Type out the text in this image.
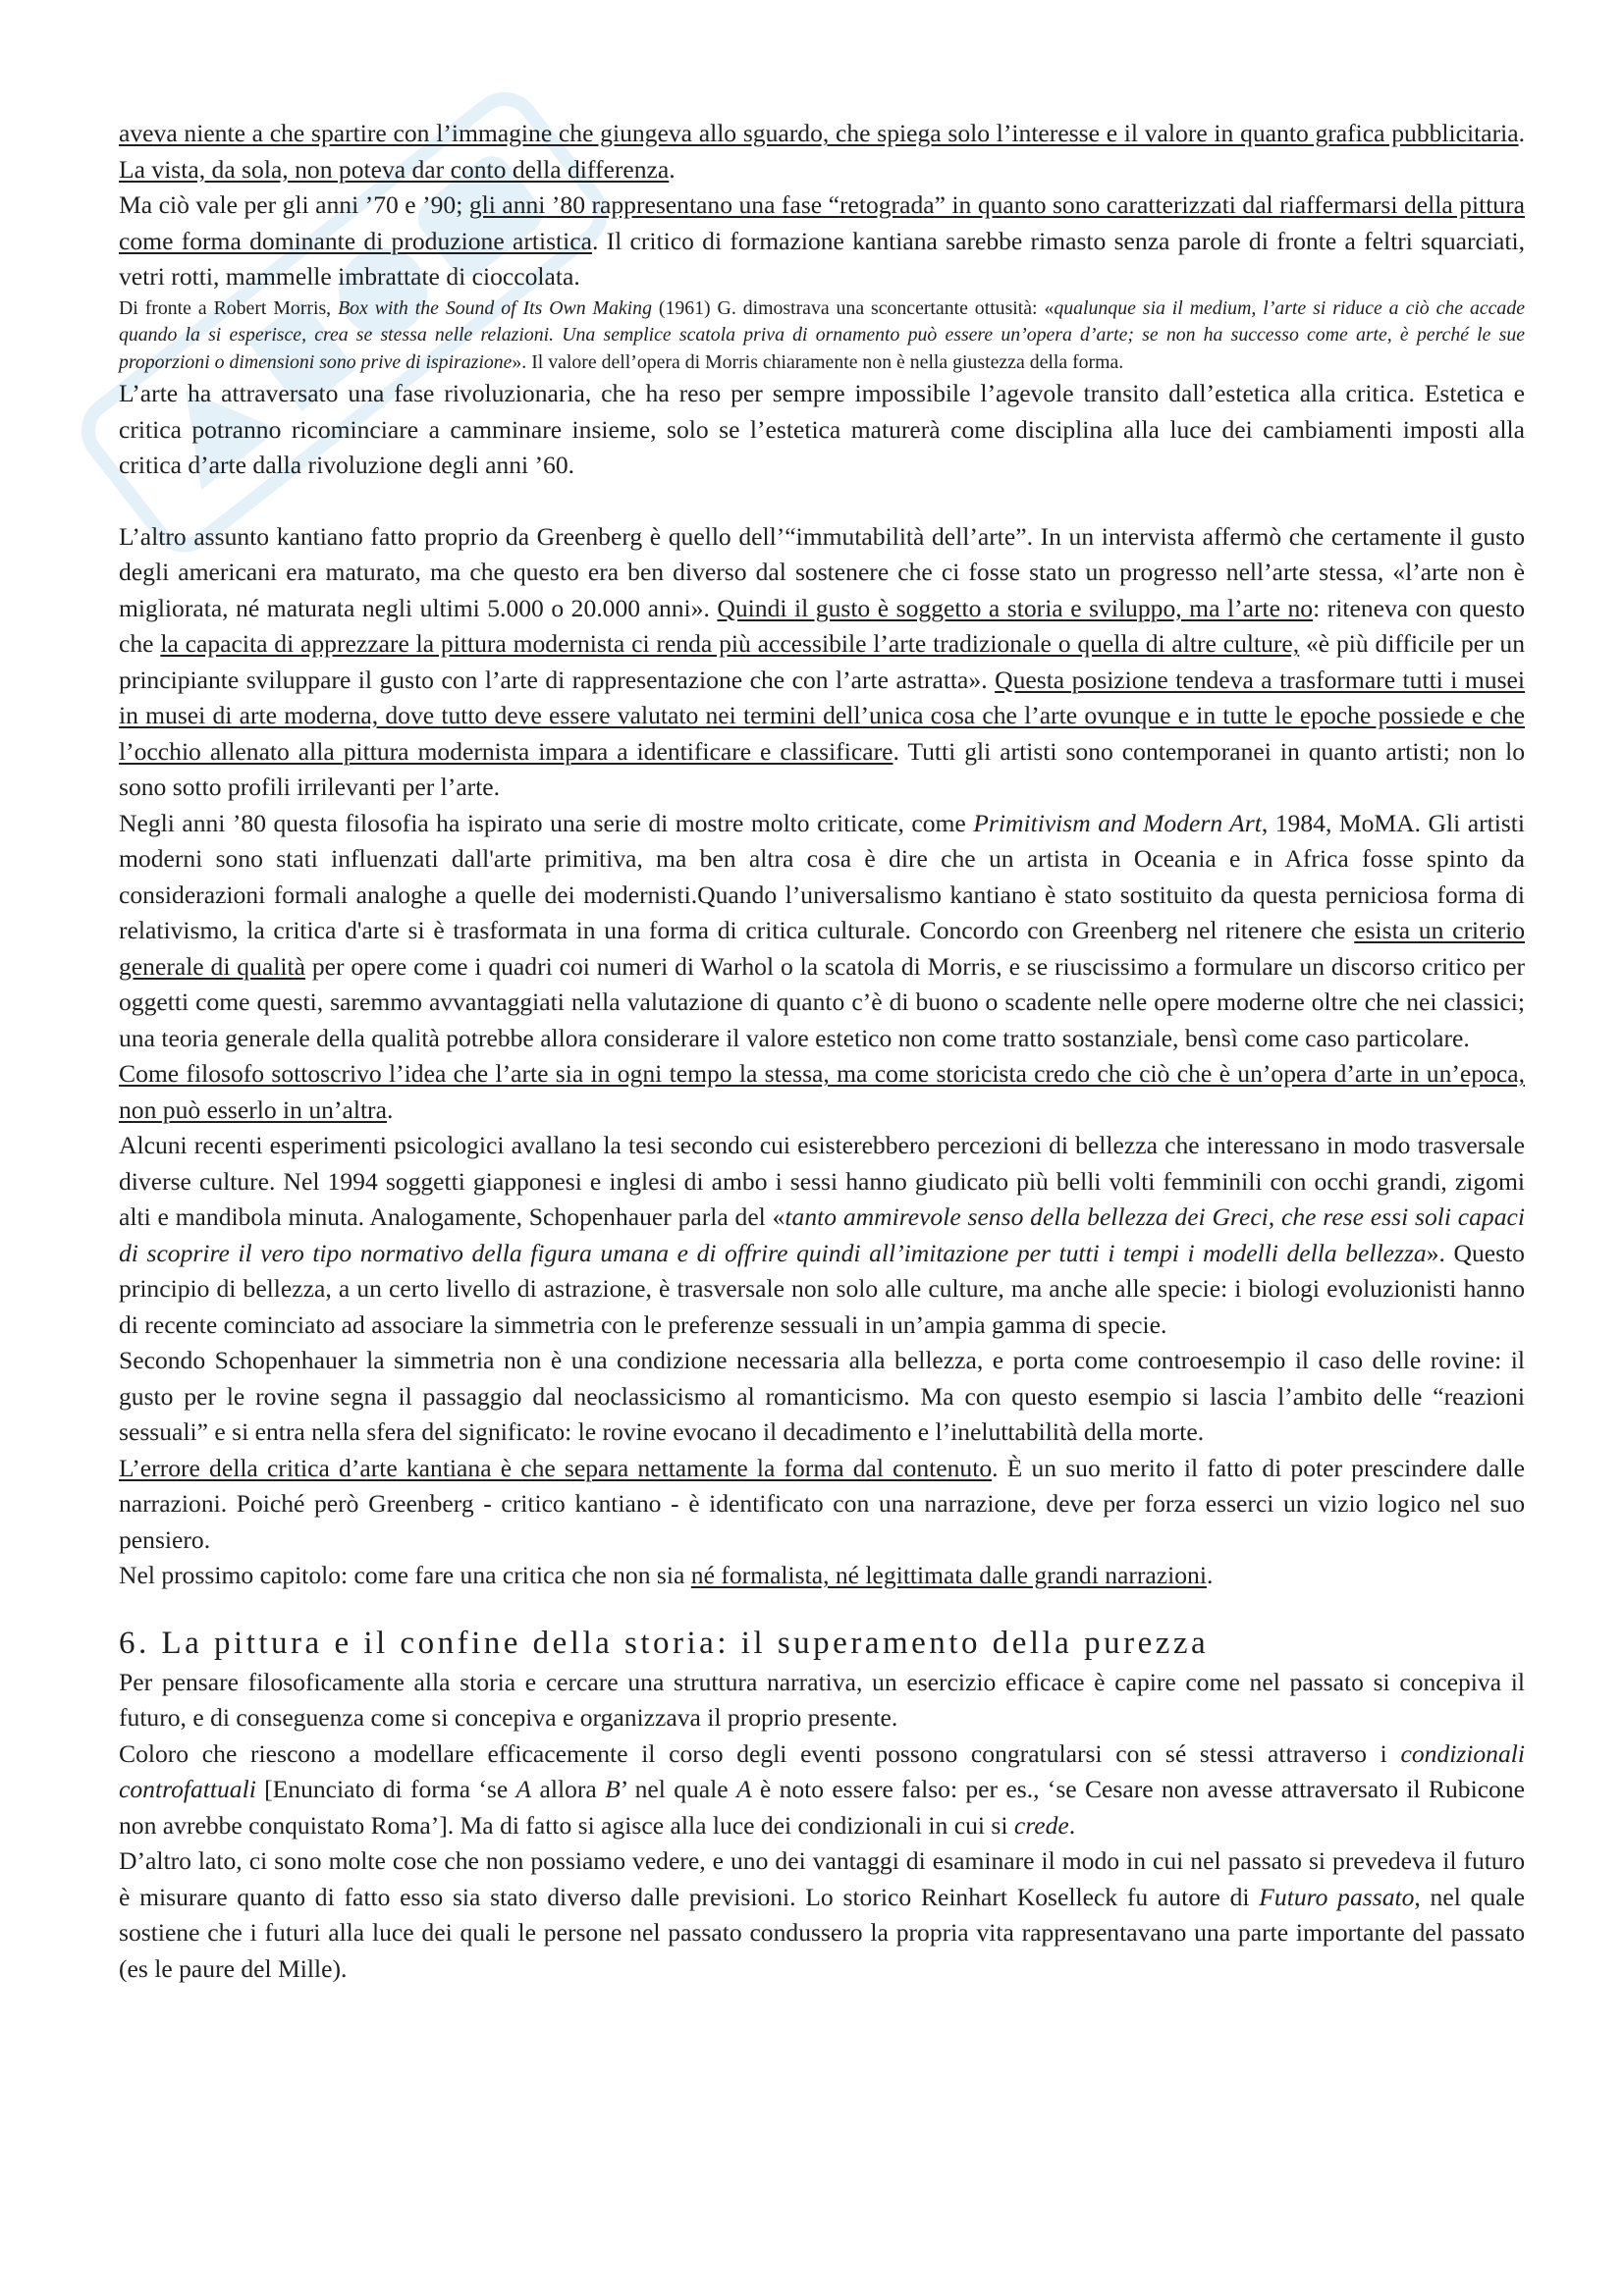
aveva niente a che spartire con l’immagine che giungeva allo sguardo, che spiega solo l’interesse e il valore in quanto grafica pubblicitaria. La vista, da sola, non poteva dar conto della differenza.

Ma ciò vale per gli anni ’70 e ’90; gli anni ’80 rappresentano una fase “retograda” in quanto sono caratterizzati dal riaffermarsi della pittura come forma dominante di produzione artistica. Il critico di formazione kantiana sarebbe rimasto senza parole di fronte a feltri squarciati, vetri rotti, mammelle imbrattate di cioccolata.

Di fronte a Robert Morris, Box with the Sound of Its Own Making (1961) G. dimostrava una sconcertante ottusità: «qualunque sia il medium, l’arte si riduce a ciò che accade quando la si esperisce, crea se stessa nelle relazioni. Una semplice scatola priva di ornamento può essere un’opera d’arte; se non ha successo come arte, è perché le sue proporzioni o dimensioni sono prive di ispirazione». Il valore dell’opera di Morris chiaramente non è nella giustezza della forma.

L’arte ha attraversato una fase rivoluzionaria, che ha reso per sempre impossibile l’agevole transito dall’estetica alla critica. Estetica e critica potranno ricominciare a camminare insieme, solo se l’estetica maturerà come disciplina alla luce dei cambiamenti imposti alla critica d’arte dalla rivoluzione degli anni ’60.

L’altro assunto kantiano fatto proprio da Greenberg è quello dell’“immutabilità dell’arte”. In un intervista affermò che certamente il gusto degli americani era maturato, ma che questo era ben diverso dal sostenere che ci fosse stato un progresso nell’arte stessa, «l’arte non è migliorata, né maturata negli ultimi 5.000 o 20.000 anni». Quindi il gusto è soggetto a storia e sviluppo, ma l’arte no: riteneva con questo che la capacita di apprezzare la pittura modernista ci renda più accessibile l’arte tradizionale o quella di altre culture, «è più difficile per un principiante sviluppare il gusto con l’arte di rappresentazione che con l’arte astratta». Questa posizione tendeva a trasformare tutti i musei in musei di arte moderna, dove tutto deve essere valutato nei termini dell’unica cosa che l’arte ovunque e in tutte le epoche possiede e che l’occhio allenato alla pittura modernista impara a identificare e classificare. Tutti gli artisti sono contemporanei in quanto artisti; non lo sono sotto profili irrilevanti per l’arte.

Negli anni ’80 questa filosofia ha ispirato una serie di mostre molto criticate, come Primitivism and Modern Art, 1984, MoMA. Gli artisti moderni sono stati influenzati dall'arte primitiva, ma ben altra cosa è dire che un artista in Oceania e in Africa fosse spinto da considerazioni formali analoghe a quelle dei modernisti.Quando l’universalismo kantiano è stato sostituito da questa perniciosa forma di relativismo, la critica d'arte si è trasformata in una forma di critica culturale. Concordo con Greenberg nel ritenere che esista un criterio generale di qualità per opere come i quadri coi numeri di Warhol o la scatola di Morris, e se riuscissimo a formulare un discorso critico per oggetti come questi, saremmo avvantaggiati nella valutazione di quanto c’è di buono o scadente nelle opere moderne oltre che nei classici; una teoria generale della qualità potrebbe allora considerare il valore estetico non come tratto sostanziale, bensì come caso particolare.

Come filosofo sottoscrivo l’idea che l’arte sia in ogni tempo la stessa, ma come storicista credo che ciò che è un’opera d’arte in un’epoca, non può esserlo in un’altra.

Alcuni recenti esperimenti psicologici avallano la tesi secondo cui esisterebbero percezioni di bellezza che interessano in modo trasversale diverse culture. Nel 1994 soggetti giapponesi e inglesi di ambo i sessi hanno giudicato più belli volti femminili con occhi grandi, zigomi alti e mandibola minuta. Analogamente, Schopenhauer parla del «tanto ammirevole senso della bellezza dei Greci, che rese essi soli capaci di scoprire il vero tipo normativo della figura umana e di offrire quindi all’imitazione per tutti i tempi i modelli della bellezza». Questo principio di bellezza, a un certo livello di astrazione, è trasversale non solo alle culture, ma anche alle specie: i biologi evoluzionisti hanno di recente cominciato ad associare la simmetria con le preferenze sessuali in un’ampia gamma di specie.

Secondo Schopenhauer la simmetria non è una condizione necessaria alla bellezza, e porta come controesempio il caso delle rovine: il gusto per le rovine segna il passaggio dal neoclassicismo al romanticismo. Ma con questo esempio si lascia l’ambito delle “reazioni sessuali” e si entra nella sfera del significato: le rovine evocano il decadimento e l’ineluttabilità della morte.

L’errore della critica d’arte kantiana è che separa nettamente la forma dal contenuto. È un suo merito il fatto di poter prescindere dalle narrazioni. Poiché però Greenberg - critico kantiano - è identificato con una narrazione, deve per forza esserci un vizio logico nel suo pensiero.

Nel prossimo capitolo: come fare una critica che non sia né formalista, né legittimata dalle grandi narrazioni.

6. La pittura e il confine della storia: il superamento della purezza

Per pensare filosoficamente alla storia e cercare una struttura narrativa, un esercizio efficace è capire come nel passato si concepiva il futuro, e di conseguenza come si concepiva e organizzava il proprio presente.

Coloro che riescono a modellare efficacemente il corso degli eventi possono congratularsi con sé stessi attraverso i condizionali controfattuali [Enunciato di forma ‘se A allora B’ nel quale A è noto essere falso: per es., ‘se Cesare non avesse attraversato il Rubicone non avrebbe conquistato Roma’]. Ma di fatto si agisce alla luce dei condizionali in cui si crede.

D’altro lato, ci sono molte cose che non possiamo vedere, e uno dei vantaggi di esaminare il modo in cui nel passato si prevedeva il futuro è misurare quanto di fatto esso sia stato diverso dalle previsioni. Lo storico Reinhart Koselleck fu autore di Futuro passato, nel quale sostiene che i futuri alla luce dei quali le persone nel passato condussero la propria vita rappresentavano una parte importante del passato (es le paure del Mille).
